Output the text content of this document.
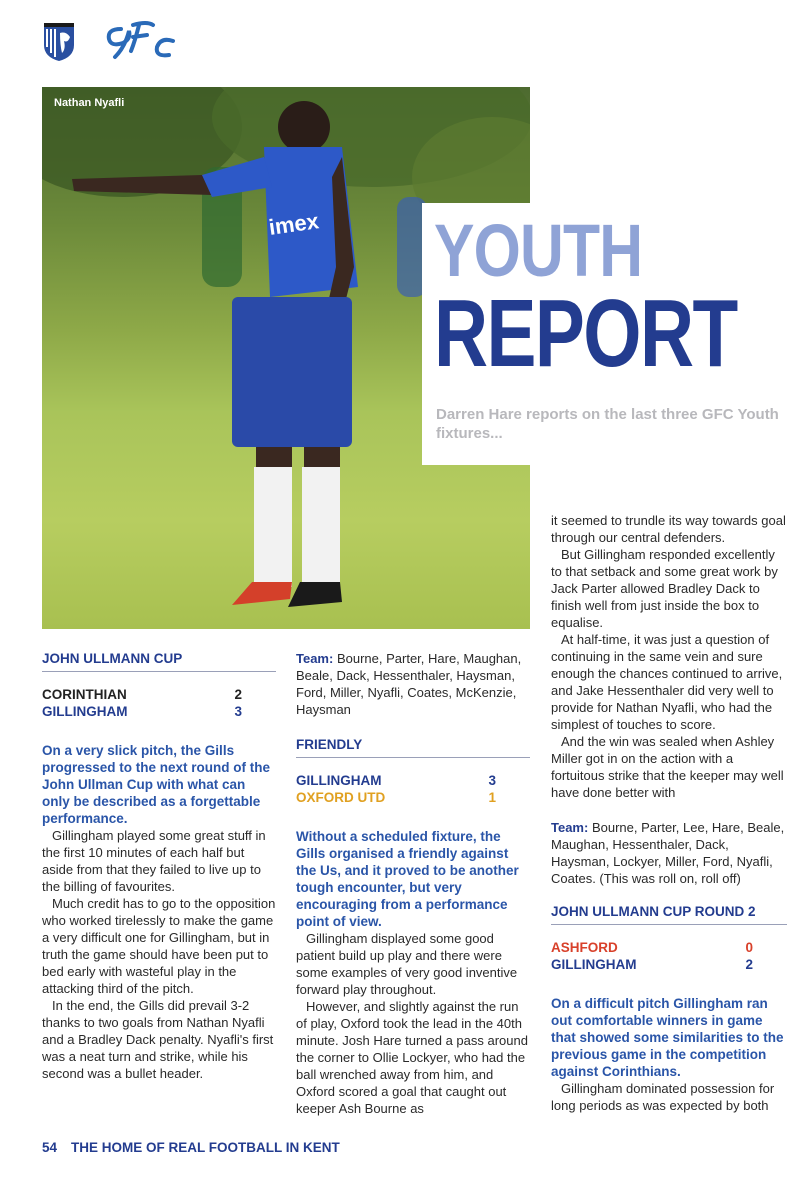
imex
Nathan Nyafli
YOUTH
REPORT
Darren Hare reports on the last three GFC Youth fixtures...
JOHN ULLMANN CUP
CORINTHIAN	2
GILLINGHAM	3

On a very slick pitch, the Gills progressed to the next round of the John Ullman Cup with what can only be described as a forgettable performance.

Gillingham played some great stuff in the first 10 minutes of each half but aside from that they failed to live up to the billing of favourites.

Much credit has to go to the opposition who worked tirelessly to make the game a very difficult one for Gillingham, but in truth the game should have been put to bed early with wasteful play in the attacking third of the pitch.

In the end, the Gills did prevail 3-2 thanks to two goals from Nathan Nyafli and a Bradley Dack penalty. Nyafli's first was a neat turn and strike, while his second was a bullet header.

Team: Bourne, Parter, Hare, Maughan, Beale, Dack, Hessenthaler, Haysman, Ford, Miller, Nyafli, Coates, McKenzie, Haysman

FRIENDLY
GILLINGHAM	3
OXFORD UTD	1

Without a scheduled fixture, the Gills organised a friendly against the Us, and it proved to be another tough encounter, but very encouraging from a performance point of view.

Gillingham displayed some good patient build up play and there were some examples of very good inventive forward play throughout.

However, and slightly against the run of play, Oxford took the lead in the 40th minute. Josh Hare turned a pass around the corner to Ollie Lockyer, who had the ball wrenched away from him, and Oxford scored a goal that caught out keeper Ash Bourne as

it seemed to trundle its way towards goal through our central defenders.

But Gillingham responded excellently to that setback and some great work by Jack Parter allowed Bradley Dack to finish well from just inside the box to equalise.

At half-time, it was just a question of continuing in the same vein and sure enough the chances continued to arrive, and Jake Hessenthaler did very well to provide for Nathan Nyafli, who had the simplest of touches to score.

And the win was sealed when Ashley Miller got in on the action with a fortuitous strike that the keeper may well have done better with

Team: Bourne, Parter, Lee, Hare, Beale, Maughan, Hessenthaler, Dack, Haysman, Lockyer, Miller, Ford, Nyafli, Coates. (This was roll on, roll off)

JOHN ULLMANN CUP ROUND 2
ASHFORD	0
GILLINGHAM	2

On a difficult pitch Gillingham ran out comfortable winners in game that showed some similarities to the previous game in the competition against Corinthians.

Gillingham dominated possession for long periods as was expected by both

54 THE HOME OF REAL FOOTBALL IN KENT
